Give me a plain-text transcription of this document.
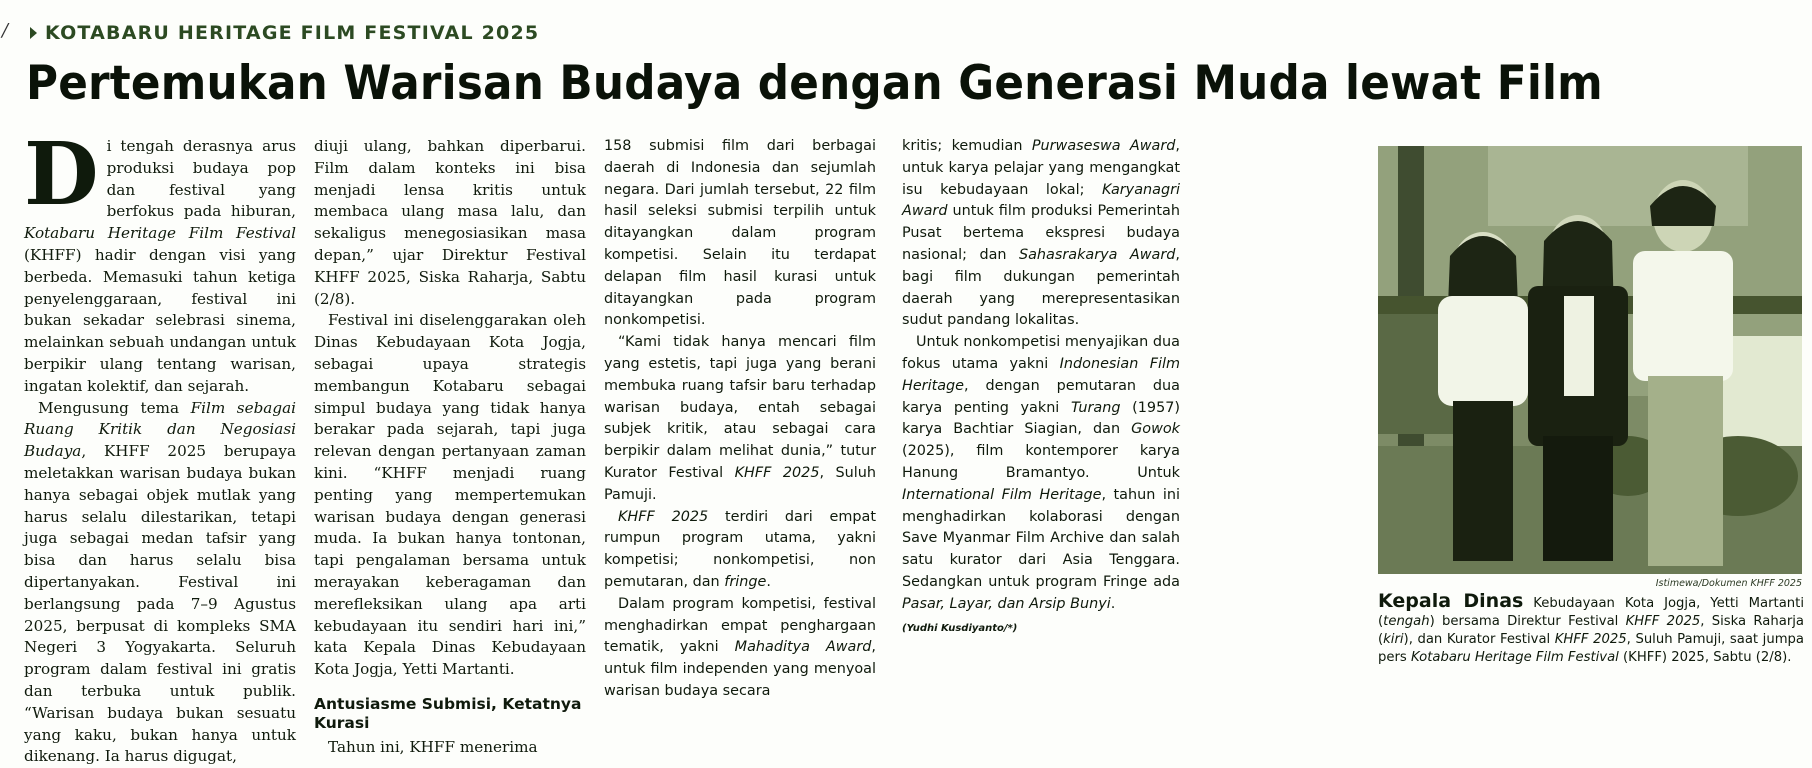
/ KOTABARU HERITAGE FILM FESTIVAL 2025
Pertemukan Warisan Budaya dengan Generasi Muda lewat Film

Di tengah derasnya arus produksi budaya pop dan festival yang berfokus pada hiburan, Kotabaru Heritage Film Festival (KHFF) hadir dengan visi yang berbeda. Memasuki tahun ketiga penyelenggaraan, festival ini bukan sekadar selebrasi sinema, melainkan sebuah undangan untuk berpikir ulang tentang warisan, ingatan kolektif, dan sejarah.

Mengusung tema Film sebagai Ruang Kritik dan Negosiasi Budaya, KHFF 2025 berupaya meletakkan warisan budaya bukan hanya sebagai objek mutlak yang harus selalu dilestarikan, tetapi juga sebagai medan tafsir yang bisa dan harus selalu bisa dipertanyakan. Festival ini berlangsung pada 7–9 Agustus 2025, berpusat di kompleks SMA Negeri 3 Yogyakarta. Seluruh program dalam festival ini gratis dan terbuka untuk publik. “Warisan budaya bukan sesuatu yang kaku, bukan hanya untuk dikenang. Ia harus digugat,

diuji ulang, bahkan diperbarui. Film dalam konteks ini bisa menjadi lensa kritis untuk membaca ulang masa lalu, dan sekaligus menegosiasikan masa depan,” ujar Direktur Festival KHFF 2025, Siska Raharja, Sabtu (2/8).

Festival ini diselenggarakan oleh Dinas Kebudayaan Kota Jogja, sebagai upaya strategis membangun Kotabaru sebagai simpul budaya yang tidak hanya berakar pada sejarah, tapi juga relevan dengan pertanyaan zaman kini. “KHFF menjadi ruang penting yang mempertemukan warisan budaya dengan generasi muda. Ia bukan hanya tontonan, tapi pengalaman bersama untuk merayakan keberagaman dan merefleksikan ulang apa arti kebudayaan itu sendiri hari ini,” kata Kepala Dinas Kebudayaan Kota Jogja, Yetti Martanti.

Antusiasme Submisi, Ketatnya Kurasi

Tahun ini, KHFF menerima

158 submisi film dari berbagai daerah di Indonesia dan sejumlah negara. Dari jumlah tersebut, 22 film hasil seleksi submisi terpilih untuk ditayangkan dalam program kompetisi. Selain itu terdapat delapan film hasil kurasi untuk ditayangkan pada program nonkompetisi.

“Kami tidak hanya mencari film yang estetis, tapi juga yang berani membuka ruang tafsir baru terhadap warisan budaya, entah sebagai subjek kritik, atau sebagai cara berpikir dalam melihat dunia,” tutur Kurator Festival KHFF 2025, Suluh Pamuji.

KHFF 2025 terdiri dari empat rumpun program utama, yakni kompetisi; nonkompetisi, non pemutaran, dan fringe.

Dalam program kompetisi, festival menghadirkan empat penghargaan tematik, yakni Mahaditya Award, untuk film independen yang menyoal warisan budaya secara

kritis; kemudian Purwaseswa Award, untuk karya pelajar yang mengangkat isu kebudayaan lokal; Karyanagri Award untuk film produksi Pemerintah Pusat bertema ekspresi budaya nasional; dan Sahasrakarya Award, bagi film dukungan pemerintah daerah yang merepresentasikan sudut pandang lokalitas.

Untuk nonkompetisi menyajikan dua fokus utama yakni Indonesian Film Heritage, dengan pemutaran dua karya penting yakni Turang (1957) karya Bachtiar Siagian, dan Gowok (2025), film kontemporer karya Hanung Bramantyo. Untuk International Film Heritage, tahun ini menghadirkan kolaborasi dengan Save Myanmar Film Archive dan salah satu kurator dari Asia Tenggara. Sedangkan untuk program Fringe ada Pasar, Layar, dan Arsip Bunyi.

(Yudhi Kusdiyanto/*)
Istimewa/Dokumen KHFF 2025
Kepala Dinas Kebudayaan Kota Jogja, Yetti Martanti (tengah) bersama Direktur Festival KHFF 2025, Siska Raharja (kiri), dan Kurator Festival KHFF 2025, Suluh Pamuji, saat jumpa pers Kotabaru Heritage Film Festival (KHFF) 2025, Sabtu (2/8).
